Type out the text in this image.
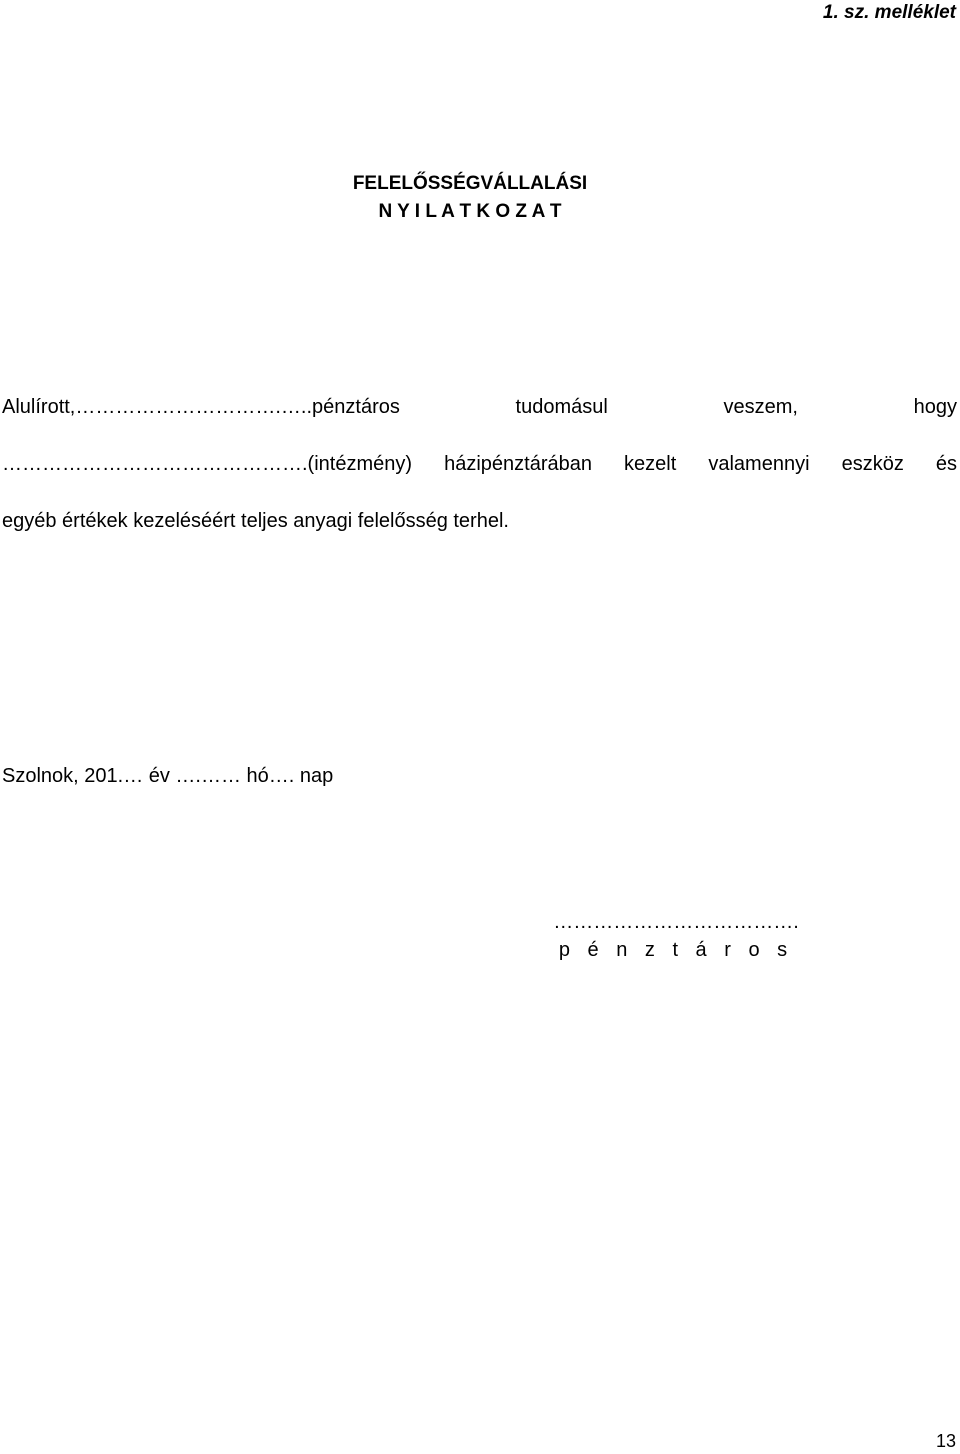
1. sz. melléklet
FELELŐSSÉGVÁLLALÁSI
N Y I L A T K O Z A T
Alulírott,………………………….…..pénztáros tudomásul veszem, hogy
……………………………………….(intézmény) házipénztárában kezelt valamennyi eszköz és
egyéb értékek kezeléséért teljes anyagi felelősség terhel.
Szolnok, 201.… év ….…… hó…. nap
……………………………….
p é n z t á r o s
13
